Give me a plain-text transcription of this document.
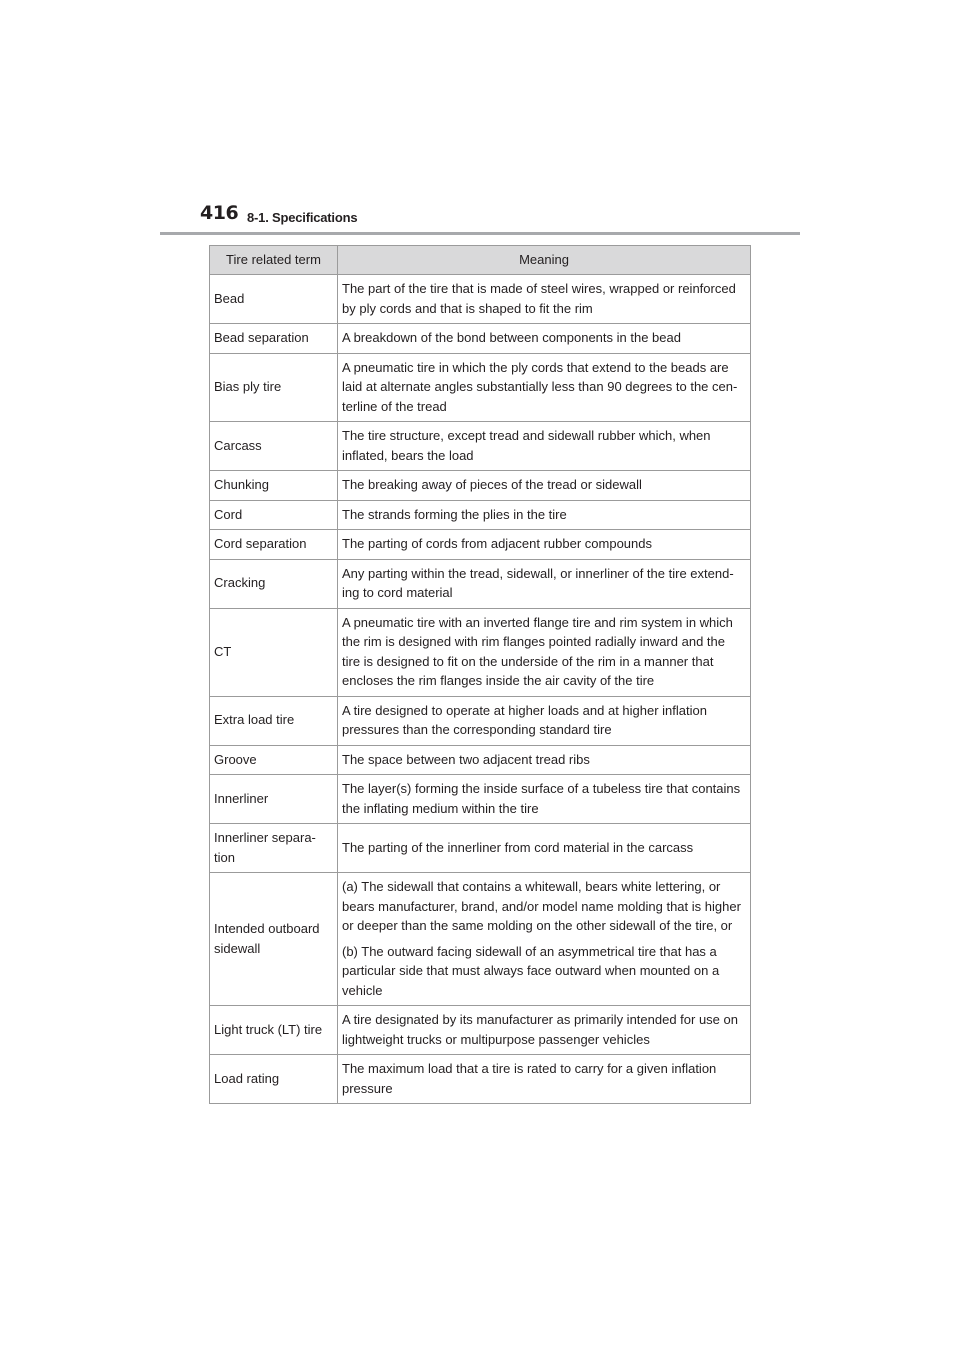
416 8-1. Specifications
Tire related term	Meaning
Bead	The part of the tire that is made of steel wires, wrapped or reinforced by ply cords and that is shaped to fit the rim

Bead separation	A breakdown of the bond between components in the bead

Bias ply tire	A pneumatic tire in which the ply cords that extend to the beads are laid at alternate angles substantially less than 90 degrees to the cen-terline of the tread

Carcass	The tire structure, except tread and sidewall rubber which, when inflated, bears the load

Chunking	The breaking away of pieces of the tread or sidewall

Cord	The strands forming the plies in the tire

Cord separation	The parting of cords from adjacent rubber compounds

Cracking	Any parting within the tread, sidewall, or innerliner of the tire extend-ing to cord material

CT	A pneumatic tire with an inverted flange tire and rim system in which the rim is designed with rim flanges pointed radially inward and the tire is designed to fit on the underside of the rim in a manner that encloses the rim flanges inside the air cavity of the tire

Extra load tire	A tire designed to operate at higher loads and at higher inflation pressures than the corresponding standard tire

Groove	The space between two adjacent tread ribs

Innerliner	The layer(s) forming the inside surface of a tubeless tire that contains the inflating medium within the tire

Innerliner separa-tion	The parting of the innerliner from cord material in the carcass

Intended outboard sidewall	(a) The sidewall that contains a whitewall, bears white lettering, or bears manufacturer, brand, and/or model name molding that is higher or deeper than the same molding on the other sidewall of the tire, or
(b) The outward facing sidewall of an asymmetrical tire that has a particular side that must always face outward when mounted on a vehicle

Light truck (LT) tire	A tire designated by its manufacturer as primarily intended for use on lightweight trucks or multipurpose passenger vehicles

Load rating	The maximum load that a tire is rated to carry for a given inflation pressure
